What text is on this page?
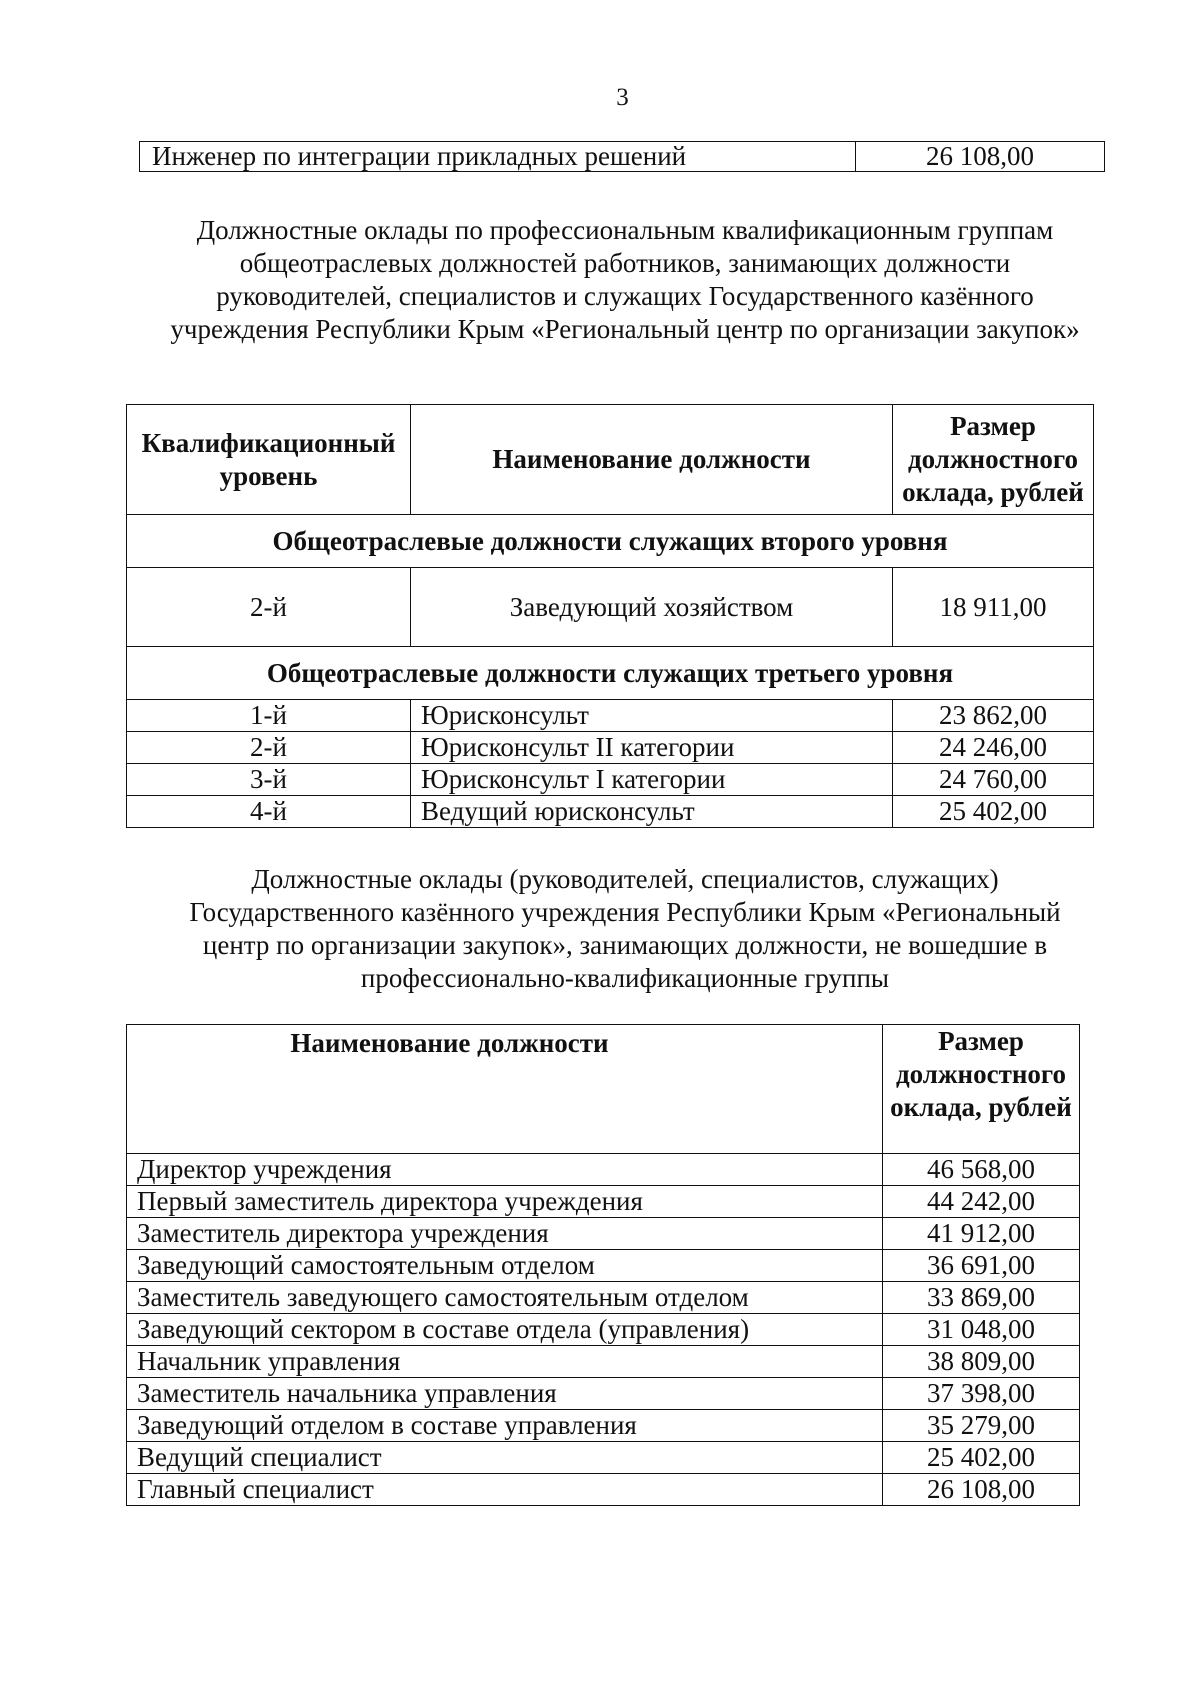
3
Инженер по интеграции прикладных решений	26 108,00
Должностные оклады по профессиональным квалификационным группам общеотраслевых должностей работников, занимающих должности руководителей, специалистов и служащих Государственного казённого учреждения Республики Крым «Региональный центр по организации закупок»
Квалификационный уровень	Наименование должности	Размер должностного оклада, рублей
Общеотраслевые должности служащих второго уровня		
2-й	Заведующий хозяйством	18 911,00
Общеотраслевые должности служащих третьего уровня		
1-й	Юрисконсульт	23 862,00
2-й	Юрисконсульт II категории	24 246,00
3-й	Юрисконсульт I категории	24 760,00
4-й	Ведущий юрисконсульт	25 402,00
Должностные оклады (руководителей, специалистов, служащих) Государственного казённого учреждения Республики Крым «Региональный центр по организации закупок», занимающих должности, не вошедшие в профессионально-квалификационные группы
Наименование должности	Размер должностного оклада, рублей
Директор учреждения	46 568,00
Первый заместитель директора учреждения	44 242,00
Заместитель директора учреждения	41 912,00
Заведующий самостоятельным отделом	36 691,00
Заместитель заведующего самостоятельным отделом	33 869,00
Заведующий сектором в составе отдела (управления)	31 048,00
Начальник управления	38 809,00
Заместитель начальника управления	37 398,00
Заведующий отделом в составе управления	35 279,00
Ведущий специалист	25 402,00
Главный специалист	26 108,00
